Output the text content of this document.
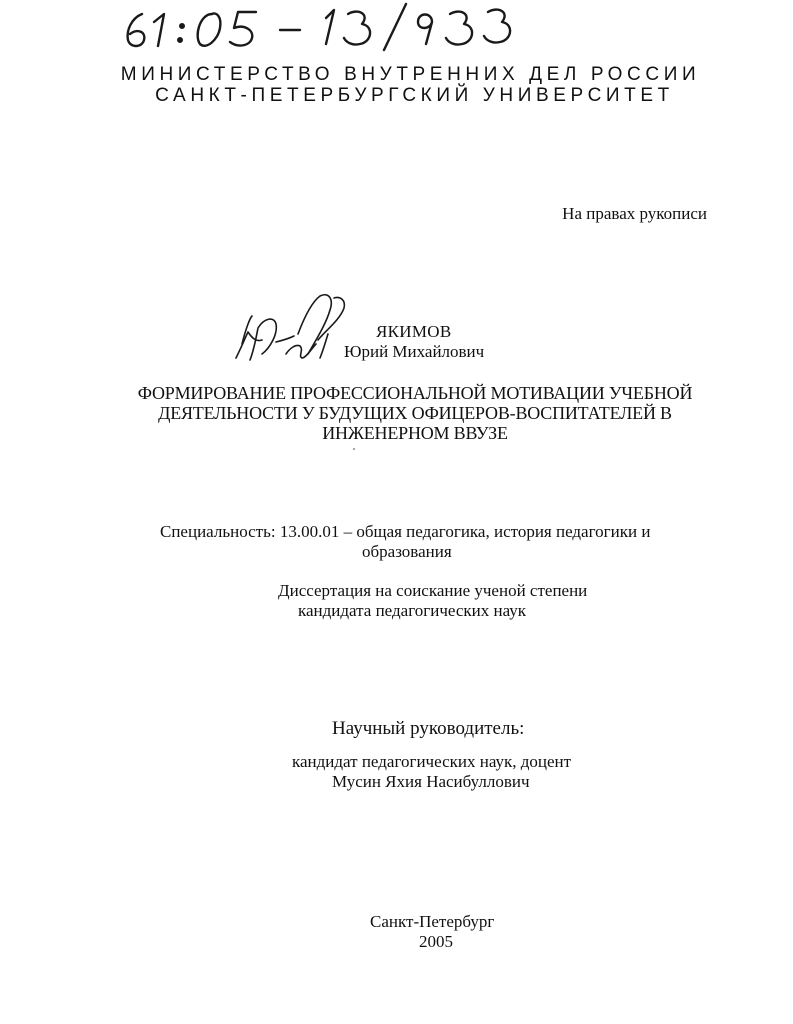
МИНИСТЕРСТВО ВНУТРЕННИХ ДЕЛ РОССИИ
САНКТ-ПЕТЕРБУРГСКИЙ УНИВЕРСИТЕТ
На правах рукописи
ЯКИМОВ
Юрий Михайлович
ФОРМИРОВАНИЕ ПРОФЕССИОНАЛЬНОЙ МОТИВАЦИИ УЧЕБНОЙ
ДЕЯТЕЛЬНОСТИ У БУДУЩИХ ОФИЦЕРОВ-ВОСПИТАТЕЛЕЙ В
ИНЖЕНЕРНОМ ВВУЗЕ
Специальность: 13.00.01 – общая педагогика, история педагогики и
образования
Диссертация на соискание ученой степени
кандидата педагогических наук
Научный руководитель:
кандидат педагогических наук, доцент
Мусин Яхия Насибуллович
Санкт-Петербург
2005
